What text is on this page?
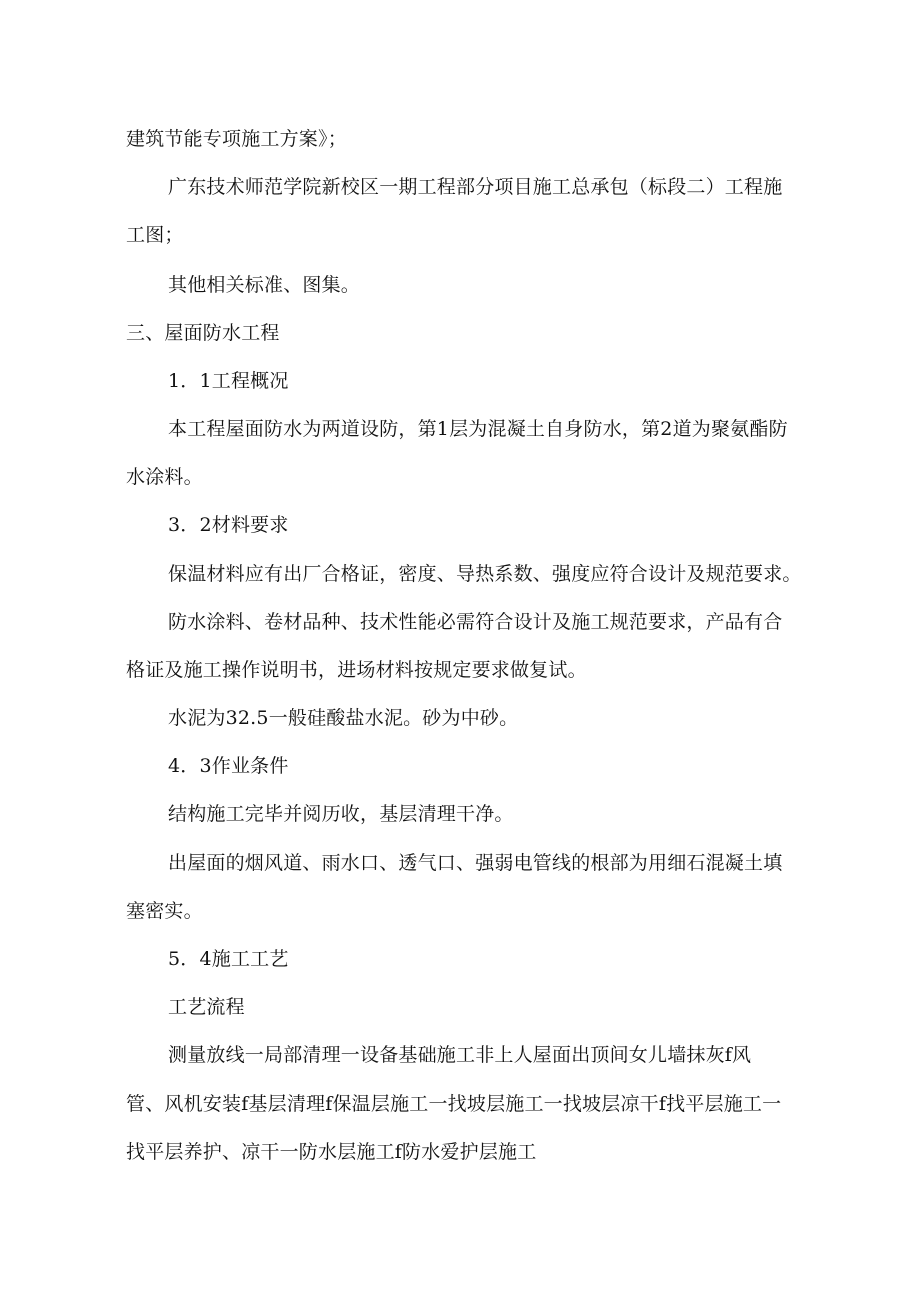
建筑节能专项施工方案》；
广东技术师范学院新校区一期工程部分项目施工总承包（标段二）工程施
工图；
其他相关标准、图集。
三、屋面防水工程
1．1工程概况
本工程屋面防水为两道设防，第1层为混凝土自身防水，第2道为聚氨酯防
水涂料。
3．2材料要求
保温材料应有出厂合格证，密度、导热系数、强度应符合设计及规范要求。
防水涂料、卷材品种、技术性能必需符合设计及施工规范要求，产品有合
格证及施工操作说明书，进场材料按规定要求做复试。
水泥为32.5一般硅酸盐水泥。砂为中砂。
4．3作业条件
结构施工完毕并阅历收，基层清理干净。
出屋面的烟风道、雨水口、透气口、强弱电管线的根部为用细石混凝土填
塞密实。
5．4施工工艺
工艺流程
测量放线一局部清理一设备基础施工非上人屋面出顶间女儿墙抹灰f风
管、风机安装f基层清理f保温层施工一找坡层施工一找坡层凉干f找平层施工一
找平层养护、凉干一防水层施工f防水爱护层施工
